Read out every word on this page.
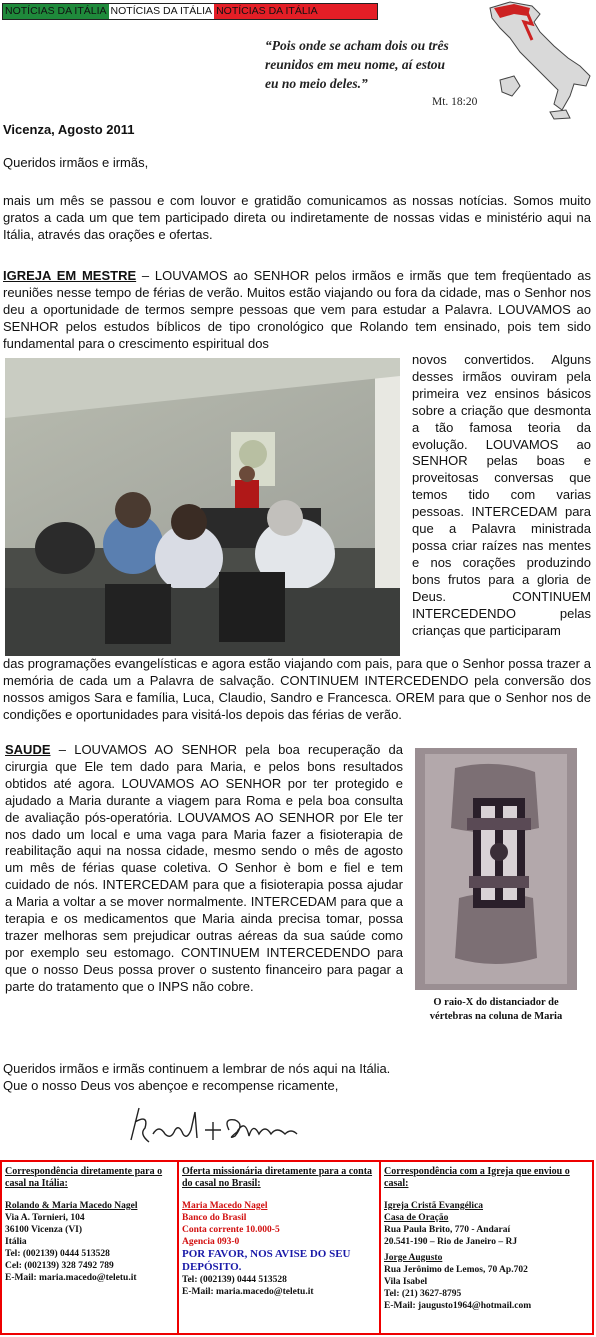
NOTÍCIAS DA ITÁLIA NOTÍCIAS DA ITÁLIA NOTÍCIAS DA ITÁLIA
“Pois onde se acham dois ou três
reunidos em meu nome, aí estou
eu no meio deles.”
Mt. 18:20
Vicenza, Agosto 2011
Queridos irmãos e irmãs,

mais um mês se passou e com louvor e gratidão comunicamos as nossas notícias. Somos muito gratos a cada um que tem participado direta ou indiretamente de nossas vidas e ministério aqui na Itália, através das orações e ofertas.

IGREJA EM MESTRE – LOUVAMOS ao SENHOR pelos irmãos e irmãs que tem freqüentado as reuniões nesse tempo de férias de verão. Muitos estão viajando ou fora da cidade, mas o Senhor nos deu a oportunidade de termos sempre pessoas que vem para estudar a Palavra. LOUVAMOS ao SENHOR pelos estudos bíblicos de tipo cronológico que Rolando tem ensinado, pois tem sido fundamental para o crescimento espiritual dos

novos convertidos. Alguns desses irmãos ouviram pela primeira vez ensinos básicos sobre a criação que desmonta a tão famosa teoria da evolução. LOUVAMOS ao SENHOR pelas boas e proveitosas conversas que temos tido com varias pessoas. INTERCEDAM para que a Palavra ministrada possa criar raízes nas mentes e nos corações produzindo bons frutos para a gloria de Deus. CONTINUEM INTERCEDENDO pelas crianças que participaram

das programações evangelísticas e agora estão viajando com pais, para que o Senhor possa trazer a memória de cada um a Palavra de salvação. CONTINUEM INTERCEDENDO pela conversão dos nossos amigos Sara e família, Luca, Claudio, Sandro e Francesca. OREM para que o Senhor nos de condições e oportunidades para visitá-los depois das férias de verão.

SAUDE – LOUVAMOS AO SENHOR pela boa recuperação da cirurgia que Ele tem dado para Maria, e pelos bons resultados obtidos até agora. LOUVAMOS AO SENHOR por ter protegido e ajudado a Maria durante a viagem para Roma e pela boa consulta de avaliação pós-operatória. LOUVAMOS AO SENHOR por Ele ter nos dado um local e uma vaga para Maria fazer a fisioterapia de reabilitação aqui na nossa cidade, mesmo sendo o mês de agosto um mês de férias quase coletiva. O Senhor è bom e fiel e tem cuidado de nós. INTERCEDAM para que a fisioterapia possa ajudar a Maria a voltar a se mover normalmente. INTERCEDAM para que a terapia e os medicamentos que Maria ainda precisa tomar, possa trazer melhoras sem prejudicar outras aéreas da sua saúde como por exemplo seu estomago. CONTINUEM INTERCEDENDO para que o nosso Deus possa prover o sustento financeiro para pagar a parte do tratamento que o INPS não cobre.

O raio-X do distanciador de vértebras na coluna de Maria
Queridos irmãos e irmãs continuem a lembrar de nós aqui na Itália.
Que o nosso Deus vos abençoe e recompense ricamente,
Correspondência diretamente para o casal na Itália:
Rolando & Maria Macedo Nagel
Via A. Tornieri, 104
36100 Vicenza (VI)
Itália
Tel: (002139) 0444 513528
Cel: (002139) 328 7492 789
E-Mail: maria.macedo@teletu.it
Oferta missionária diretamente para a conta do casal no Brasil:
Maria Macedo Nagel
Banco do Brasil
Conta corrente 10.000-5
Agencia 093-0
POR FAVOR, NOS AVISE DO SEU DEPÓSITO.
Tel: (002139) 0444 513528
E-Mail: maria.macedo@teletu.it
Correspondência com a Igreja que enviou o casal:
Igreja Cristã Evangélica
Casa de Oração
Rua Paula Brito, 770 - Andaraí
20.541-190 – Rio de Janeiro – RJ
Jorge Augusto
Rua Jerônimo de Lemos, 70 Ap.702
Vila Isabel
Tel: (21) 3627-8795
E-Mail: jaugusto1964@hotmail.com
